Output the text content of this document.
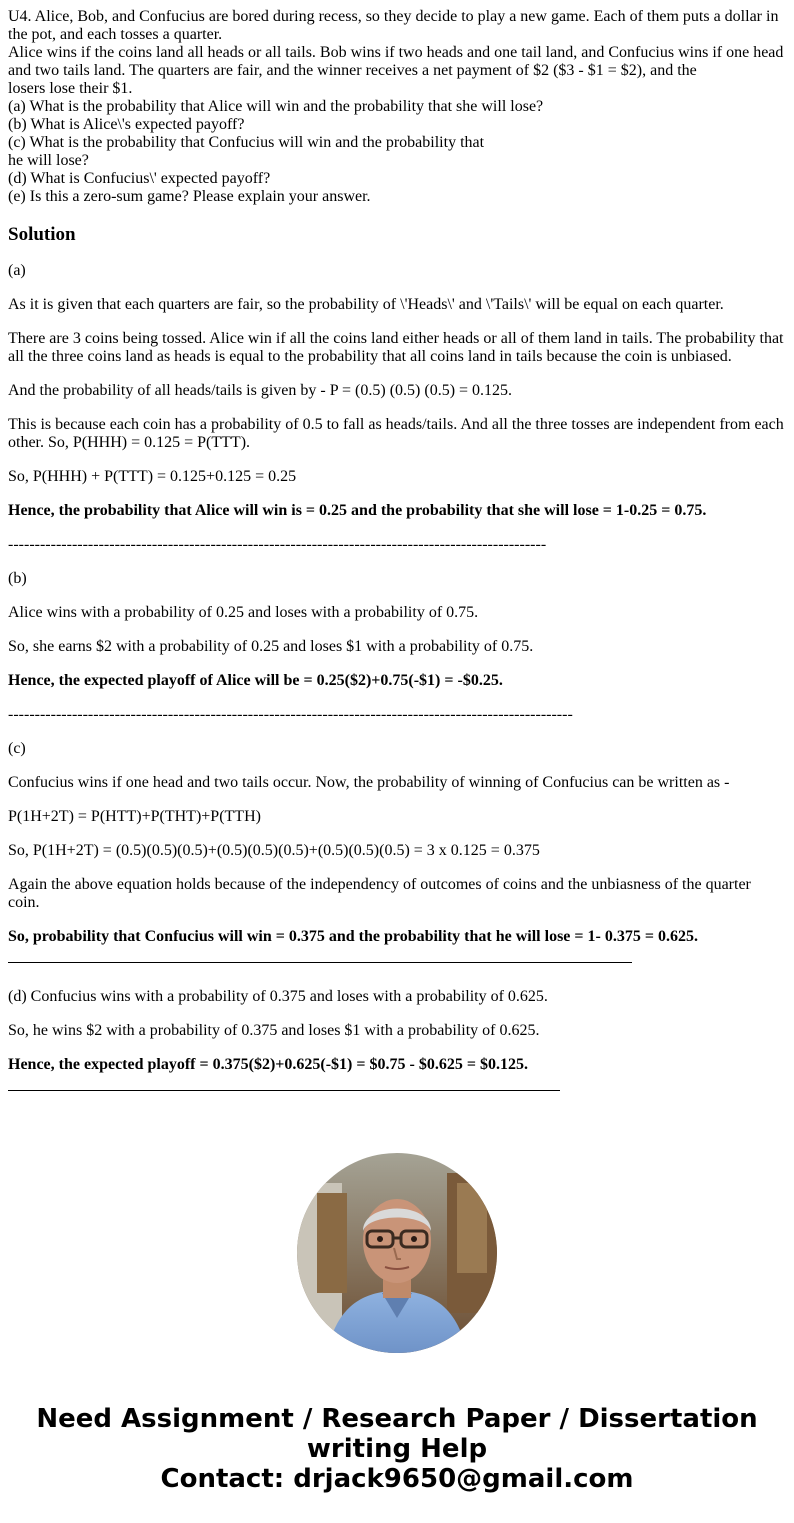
U4. Alice, Bob, and Confucius are bored during recess, so they decide to play a new game. Each of them puts a dollar in
the pot, and each tosses a quarter.
Alice wins if the coins land all heads or all tails. Bob wins if two heads and one tail land, and Confucius wins if one head
and two tails land. The quarters are fair, and the winner receives a net payment of $2 ($3 - $1 = $2), and the
losers lose their $1.
(a) What is the probability that Alice will win and the probability that she will lose?
(b) What is Alice\'s expected payoff?
(c) What is the probability that Confucius will win and the probability that
he will lose?
(d) What is Confucius\' expected payoff?
(e) Is this a zero-sum game? Please explain your answer.
Solution

(a)

As it is given that each quarters are fair, so the probability of \'Heads\' and \'Tails\' will be equal on each quarter.

There are 3 coins being tossed. Alice win if all the coins land either heads or all of them land in tails. The probability that all the three coins land as heads is equal to the probability that all coins land in tails because the coin is unbiased.

And the probability of all heads/tails is given by - P = (0.5) (0.5) (0.5) = 0.125.

This is because each coin has a probability of 0.5 to fall as heads/tails. And all the three tosses are independent from each other. So, P(HHH) = 0.125 = P(TTT).

So, P(HHH) + P(TTT) = 0.125+0.125 = 0.25

Hence, the probability that Alice will win is = 0.25 and the probability that she will lose = 1-0.25 = 0.75.

-----------------------------------------------------------------------------------------------------

(b)

Alice wins with a probability of 0.25 and loses with a probability of 0.75.

So, she earns $2 with a probability of 0.25 and loses $1 with a probability of 0.75.

Hence, the expected playoff of Alice will be = 0.25($2)+0.75(-$1) = -$0.25.

----------------------------------------------------------------------------------------------------------

(c)

Confucius wins if one head and two tails occur. Now, the probability of winning of Confucius can be written as -

P(1H+2T) = P(HTT)+P(THT)+P(TTH)

So, P(1H+2T) = (0.5)(0.5)(0.5)+(0.5)(0.5)(0.5)+(0.5)(0.5)(0.5) = 3 x 0.125 = 0.375

Again the above equation holds because of the independency of outcomes of coins and the unbiasness of the quarter coin.

So, probability that Confucius will win = 0.375 and the probability that he will lose = 1- 0.375 = 0.625.

(d) Confucius wins with a probability of 0.375 and loses with a probability of 0.625.

So, he wins $2 with a probability of 0.375 and loses $1 with a probability of 0.625.

Hence, the expected playoff = 0.375($2)+0.625(-$1) = $0.75 - $0.625 = $0.125.

Need Assignment / Research Paper / Dissertation
writing Help
Contact: drjack9650@gmail.com
